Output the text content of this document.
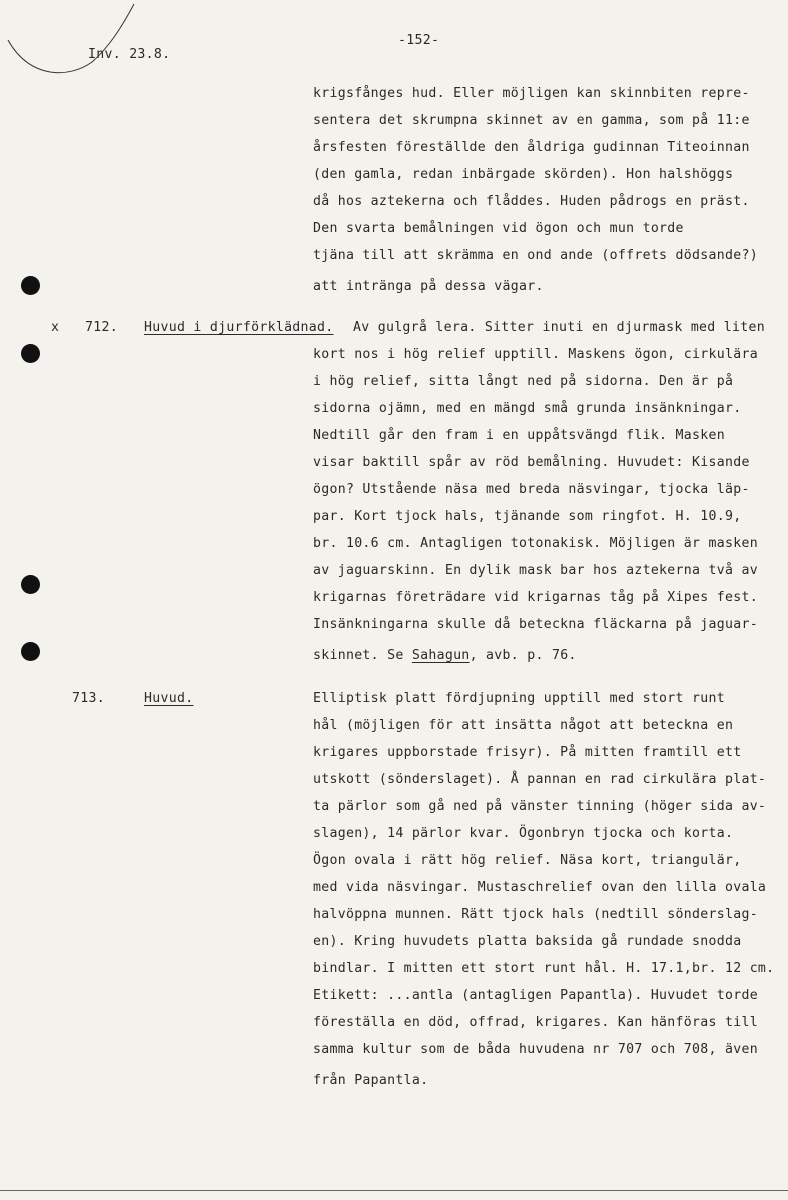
Inv. 23.8.
-152-
krigsfånges hud. Eller möjligen kan skinnbiten repre-
sentera det skrumpna skinnet av en gamma, som på 11:e
årsfesten föreställde den åldriga gudinnan Titeoinnan
(den gamla, redan inbärgade skörden). Hon halshöggs
då hos aztekerna och flåddes. Huden pådrogs en präst.
Den svarta bemålningen vid ögon och mun torde
tjäna till att skrämma en ond ande (offrets dödsande?)
att intränga på dessa vägar.
x 712. Huvud i djurförklädnad. Av gulgrå lera. Sitter inuti en djurmask med liten
kort nos i hög relief upptill. Maskens ögon, cirkulära
i hög relief, sitta långt ned på sidorna. Den är på
sidorna ojämn, med en mängd små grunda insänkningar.
Nedtill går den fram i en uppåtsvängd flik. Masken
visar baktill spår av röd bemålning. Huvudet: Kisande
ögon? Utstående näsa med breda näsvingar, tjocka läp-
par. Kort tjock hals, tjänande som ringfot. H. 10.9,
br. 10.6 cm. Antagligen totonakisk. Möjligen är masken
av jaguarskinn. En dylik mask bar hos aztekerna två av
krigarnas företrädare vid krigarnas tåg på Xipes fest.
Insänkningarna skulle då beteckna fläckarna på jaguar-
skinnet. Se Sahagun, avb. p. 76.
713.	Huvud.	Elliptisk platt fördjupning upptill med stort runt
hål (möjligen för att insätta något att beteckna en
krigares uppborstade frisyr). På mitten framtill ett
utskott (sönderslaget). Å pannan en rad cirkulära plat-
ta pärlor som gå ned på vänster tinning (höger sida av-
slagen), 14 pärlor kvar. Ögonbryn tjocka och korta.
Ögon ovala i rätt hög relief. Näsa kort, triangulär,
med vida näsvingar. Mustaschrelief ovan den lilla ovala
halvöppna munnen. Rätt tjock hals (nedtill sönderslag-
en). Kring huvudets platta baksida gå rundade snodda
bindlar. I mitten ett stort runt hål. H. 17.1,br. 12 cm.
Etikett: ...antla (antagligen Papantla). Huvudet torde
föreställa en död, offrad, krigares. Kan hänföras till
samma kultur som de båda huvudena nr 707 och 708, även
från Papantla.
